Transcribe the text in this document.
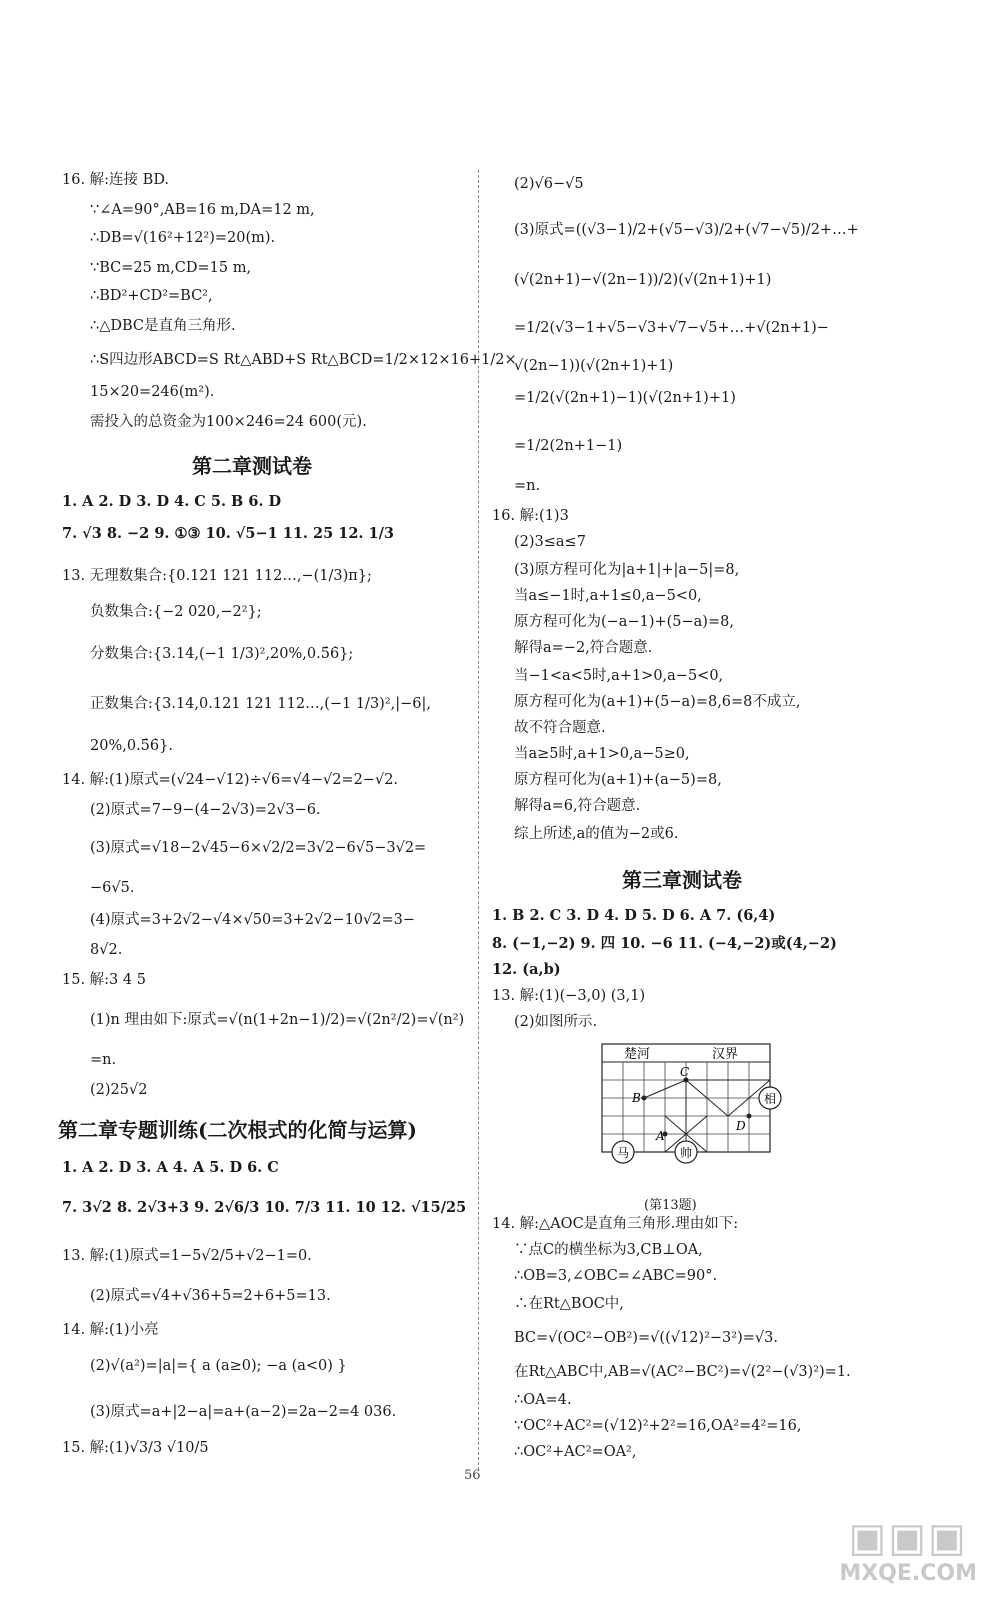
16. 解:连接 BD.
∵∠A=90°,AB=16 m,DA=12 m,
∴DB=√(16²+12²)=20(m).
∵BC=25 m,CD=15 m,
∴BD²+CD²=BC²,
∴△DBC是直角三角形.
∴S四边形ABCD=S Rt△ABD+S Rt△BCD=1/2×12×16+1/2×
15×20=246(m²).
需投入的总资金为100×246=24 600(元).
第二章测试卷
1. A 2. D 3. D 4. C 5. B 6. D
7. √3 8. −2 9. ①③ 10. √5−1 11. 25 12. 1/3
13. 无理数集合:{0.121 121 112…,−(1/3)π};
负数集合:{−2 020,−2²};
分数集合:{3.14,(−1 1/3)²,20%,0.5̇6̇};
正数集合:{3.14,0.121 121 112…,(−1 1/3)²,|−6|,
20%,0.5̇6̇}.
14. 解:(1)原式=(√24−√12)÷√6=√4−√2=2−√2.
(2)原式=7−9−(4−2√3)=2√3−6.
(3)原式=√18−2√45−6×√2/2=3√2−6√5−3√2=
−6√5.
(4)原式=3+2√2−√4×√50=3+2√2−10√2=3−
8√2.
15. 解:3 4 5
(1)n 理由如下:原式=√(n(1+2n−1)/2)=√(2n²/2)=√(n²)
=n.
(2)25√2
第二章专题训练(二次根式的化简与运算)
1. A 2. D 3. A 4. A 5. D 6. C
7. 3√2 8. 2√3+3 9. 2√6/3 10. 7/3 11. 10 12. √15/25
13. 解:(1)原式=1−5√2/5+√2−1=0.
(2)原式=√4+√36+5=2+6+5=13.
14. 解:(1)小亮
(2)√(a²)=|a|={ a (a≥0); −a (a<0) }
(3)原式=a+|2−a|=a+(a−2)=2a−2=4 036.
15. 解:(1)√3/3 √10/5
(2)√6−√5
(3)原式=((√3−1)/2+(√5−√3)/2+(√7−√5)/2+…+
(√(2n+1)−√(2n−1))/2)(√(2n+1)+1)
=1/2(√3−1+√5−√3+√7−√5+…+√(2n+1)−
√(2n−1))(√(2n+1)+1)
=1/2(√(2n+1)−1)(√(2n+1)+1)
=1/2(2n+1−1)
=n.
16. 解:(1)3
(2)3≤a≤7
(3)原方程可化为|a+1|+|a−5|=8,
当a≤−1时,a+1≤0,a−5<0,
原方程可化为(−a−1)+(5−a)=8,
解得a=−2,符合题意.
当−1<a<5时,a+1>0,a−5<0,
原方程可化为(a+1)+(5−a)=8,6=8不成立,
故不符合题意.
当a≥5时,a+1>0,a−5≥0,
原方程可化为(a+1)+(a−5)=8,
解得a=6,符合题意.
综上所述,a的值为−2或6.
第三章测试卷
1. B 2. C 3. D 4. D 5. D 6. A 7. (6,4)
8. (−1,−2) 9. 四 10. −6 11. (−4,−2)或(4,−2)
12. (a,b)
13. 解:(1)(−3,0) (3,1)
(2)如图所示.
楚河	汉界
C
B
A
D
相
马	帅
(第13题)
14. 解:△AOC是直角三角形.理由如下:
∵点C的横坐标为3,CB⊥OA,
∴OB=3,∠OBC=∠ABC=90°.
∴在Rt△BOC中,
BC=√(OC²−OB²)=√((√12)²−3²)=√3.
在Rt△ABC中,AB=√(AC²−BC²)=√(2²−(√3)²)=1.
∴OA=4.
∵OC²+AC²=(√12)²+2²=16,OA²=4²=16,
∴OC²+AC²=OA²,
56
▣▣▣
MXQE.COM
